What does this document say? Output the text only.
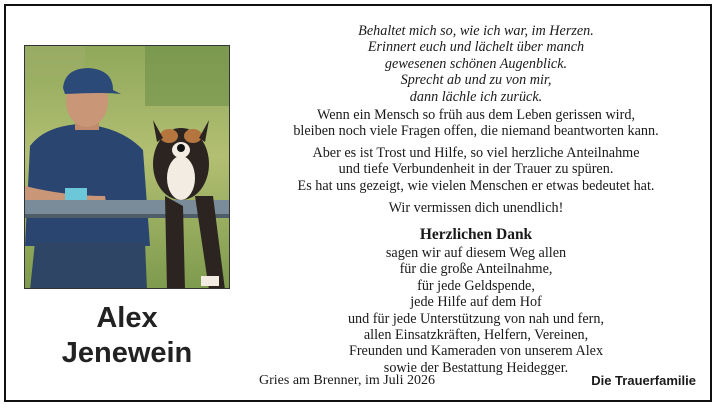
Alex
Jenewein
Behaltet mich so, wie ich war, im Herzen.
Erinnert euch und lächelt über manch
gewesenen schönen Augenblick.
Sprecht ab und zu von mir,
dann lächle ich zurück.
Wenn ein Mensch so früh aus dem Leben gerissen wird,
bleiben noch viele Fragen offen, die niemand beantworten kann.
Aber es ist Trost und Hilfe, so viel herzliche Anteilnahme
und tiefe Verbundenheit in der Trauer zu spüren.
Es hat uns gezeigt, wie vielen Menschen er etwas bedeutet hat.
Wir vermissen dich unendlich!
Herzlichen Dank
sagen wir auf diesem Weg allen
für die große Anteilnahme,
für jede Geldspende,
jede Hilfe auf dem Hof
und für jede Unterstützung von nah und fern,
allen Einsatzkräften, Helfern, Vereinen,
Freunden und Kameraden von unserem Alex
sowie der Bestattung Heidegger.
Gries am Brenner, im Juli 2026	Die Trauerfamilie
